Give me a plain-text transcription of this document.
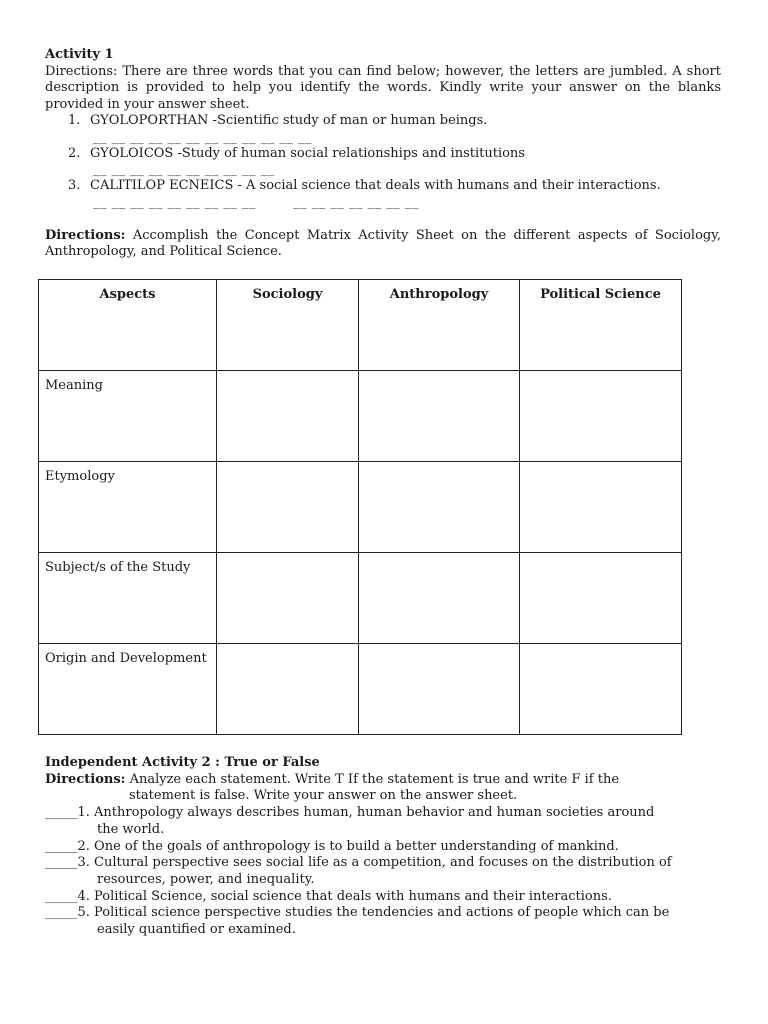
Activity 1
Directions: There are three words that you can find below; however, the letters are jumbled. A short
description is provided to help you identify the words. Kindly write your answer on the blanks
provided in your answer sheet.
1. GYOLOPORTHAN -Scientific study of man or human beings.
__ __ __ __ __ __ __ __ __ __ __ __
2. GYOLOICOS -Study of human social relationships and institutions
__ __ __ __ __ __ __ __ __ __
3. CALITILOP ECNEICS - A social science that deals with humans and their interactions.
__ __ __ __ __ __ __ __ __        __ __ __ __ __ __ __
Directions: Accomplish the Concept Matrix Activity Sheet on the different aspects of Sociology,
Anthropology, and Political Science.
Aspects	Sociology	Anthropology	Political Science
Meaning			
Etymology			
Subject/s of the Study			
Origin and Development			
Independent Activity 2 : True or False
Directions: Analyze each statement. Write T If the statement is true and write F if the
statement is false. Write your answer on the answer sheet.
_____1. Anthropology always describes human, human behavior and human societies around
the world.
_____2. One of the goals of anthropology is to build a better understanding of mankind.
_____3. Cultural perspective sees social life as a competition, and focuses on the distribution of
resources, power, and inequality.
_____4. Political Science, social science that deals with humans and their interactions.
_____5. Political science perspective studies the tendencies and actions of people which can be
easily quantified or examined.
